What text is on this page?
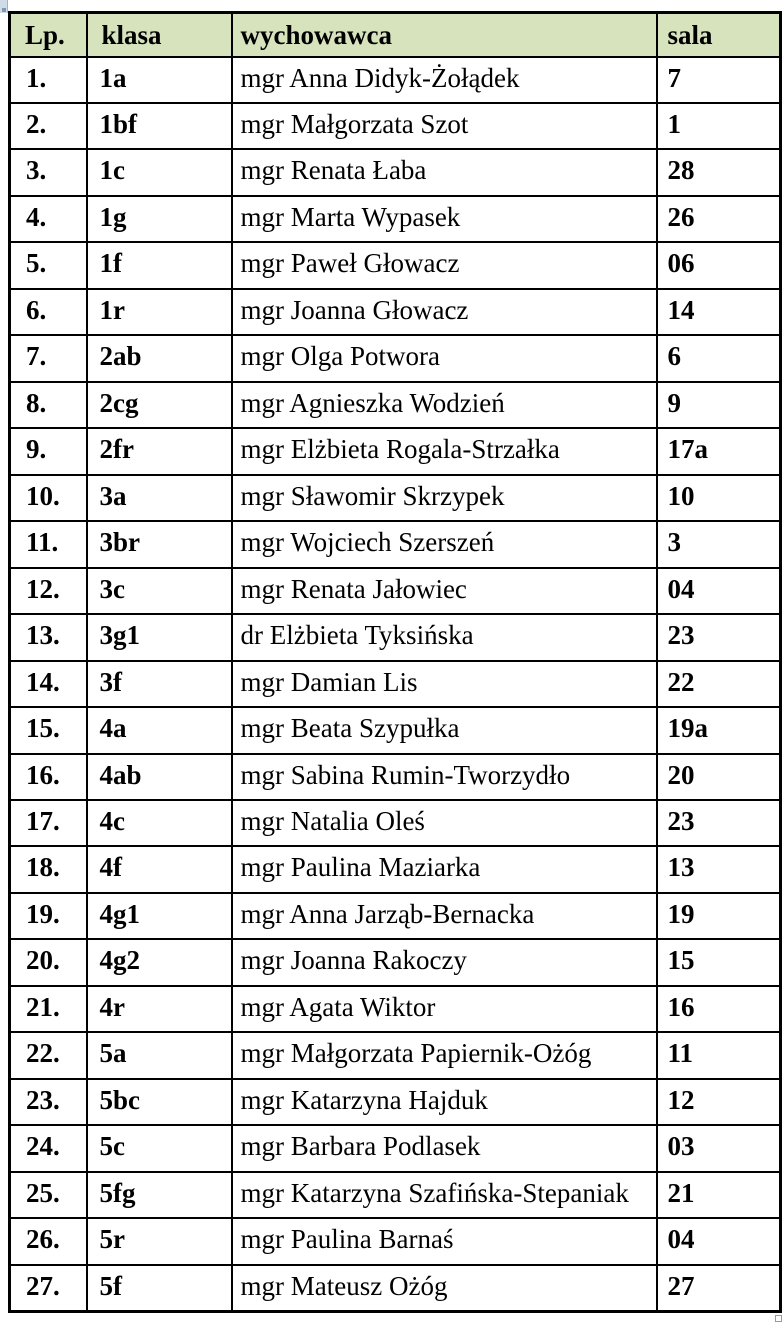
Lp.	klasa	wychowawca	sala
1.	1a	mgr Anna Didyk-Żołądek	7
2.	1bf	mgr Małgorzata Szot	1
3.	1c	mgr Renata Łaba	28
4.	1g	mgr Marta Wypasek	26
5.	1f	mgr Paweł Głowacz	06
6.	1r	mgr Joanna Głowacz	14
7.	2ab	mgr Olga Potwora	6
8.	2cg	mgr Agnieszka Wodzień	9
9.	2fr	mgr Elżbieta Rogala-Strzałka	17a
10.	3a	mgr Sławomir Skrzypek	10
11.	3br	mgr Wojciech Szerszeń	3
12.	3c	mgr Renata Jałowiec	04
13.	3g1	dr Elżbieta Tyksińska	23
14.	3f	mgr Damian Lis	22
15.	4a	mgr Beata Szypułka	19a
16.	4ab	mgr Sabina Rumin-Tworzydło	20
17.	4c	mgr Natalia Oleś	23
18.	4f	mgr Paulina Maziarka	13
19.	4g1	mgr Anna Jarząb-Bernacka	19
20.	4g2	mgr Joanna Rakoczy	15
21.	4r	mgr Agata Wiktor	16
22.	5a	mgr Małgorzata Papiernik-Ożóg	11
23.	5bc	mgr Katarzyna Hajduk	12
24.	5c	mgr Barbara Podlasek	03
25.	5fg	mgr Katarzyna Szafińska-Stepaniak	21
26.	5r	mgr Paulina Barnaś	04
27.	5f	mgr Mateusz Ożóg	27
